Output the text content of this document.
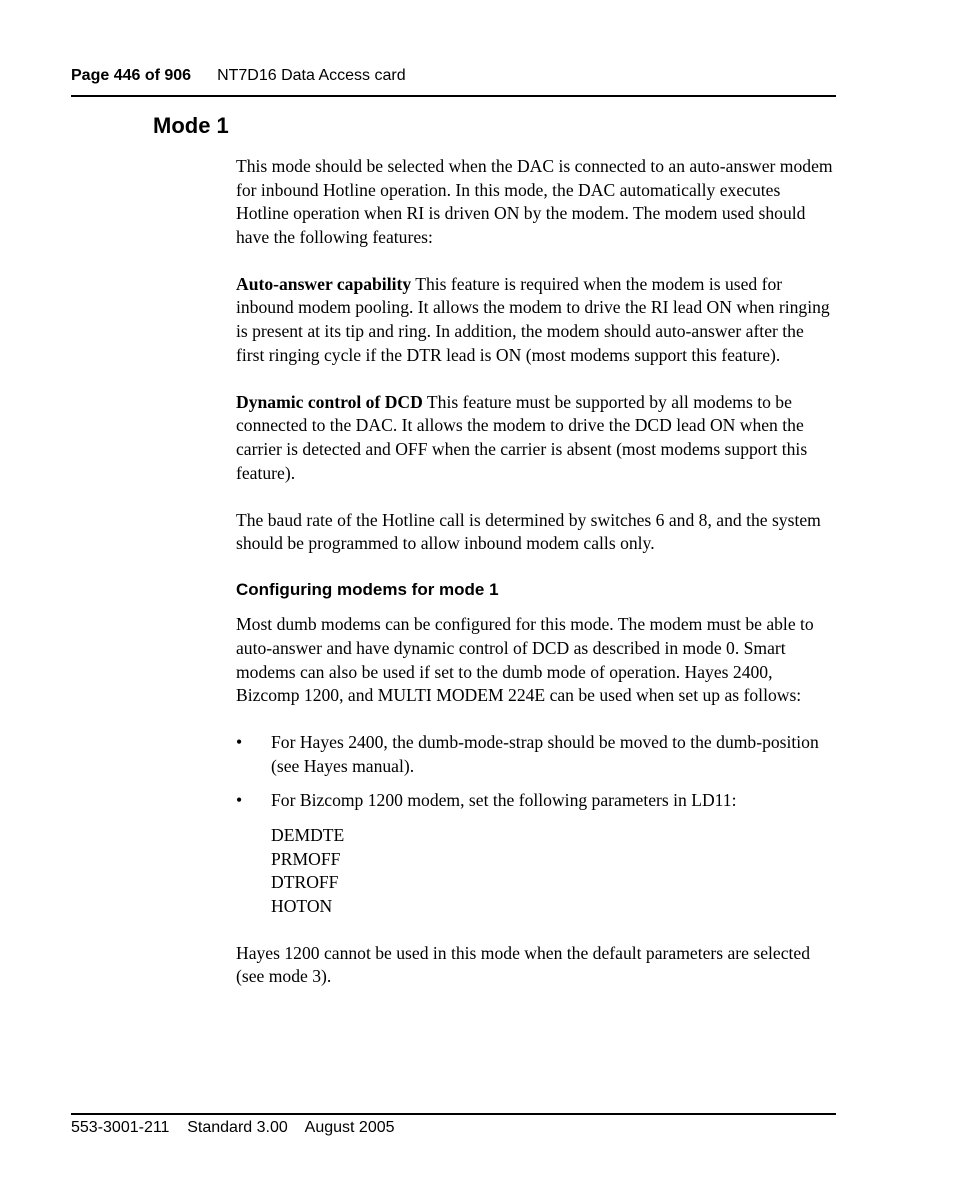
Page 446 of 906 NT7D16 Data Access card
Mode 1

This mode should be selected when the DAC is connected to an auto-answer modem for inbound Hotline operation. In this mode, the DAC automatically executes Hotline operation when RI is driven ON by the modem. The modem used should have the following features:

Auto-answer capability This feature is required when the modem is used for inbound modem pooling. It allows the modem to drive the RI lead ON when ringing is present at its tip and ring. In addition, the modem should auto-answer after the first ringing cycle if the DTR lead is ON (most modems support this feature).

Dynamic control of DCD This feature must be supported by all modems to be connected to the DAC. It allows the modem to drive the DCD lead ON when the carrier is detected and OFF when the carrier is absent (most modems support this feature).

The baud rate of the Hotline call is determined by switches 6 and 8, and the system should be programmed to allow inbound modem calls only.

Configuring modems for mode 1

Most dumb modems can be configured for this mode. The modem must be able to auto-answer and have dynamic control of DCD as described in mode 0. Smart modems can also be used if set to the dumb mode of operation. Hayes 2400, Bizcomp 1200, and MULTI MODEM 224E can be used when set up as follows:

• For Hayes 2400, the dumb-mode-strap should be moved to the dumb-position (see Hayes manual).
• For Bizcomp 1200 modem, set the following parameters in LD11:
DEMDTE
PRMOFF
DTROFF
HOTON

Hayes 1200 cannot be used in this mode when the default parameters are selected (see mode 3).

553-3001-211 Standard 3.00 August 2005
